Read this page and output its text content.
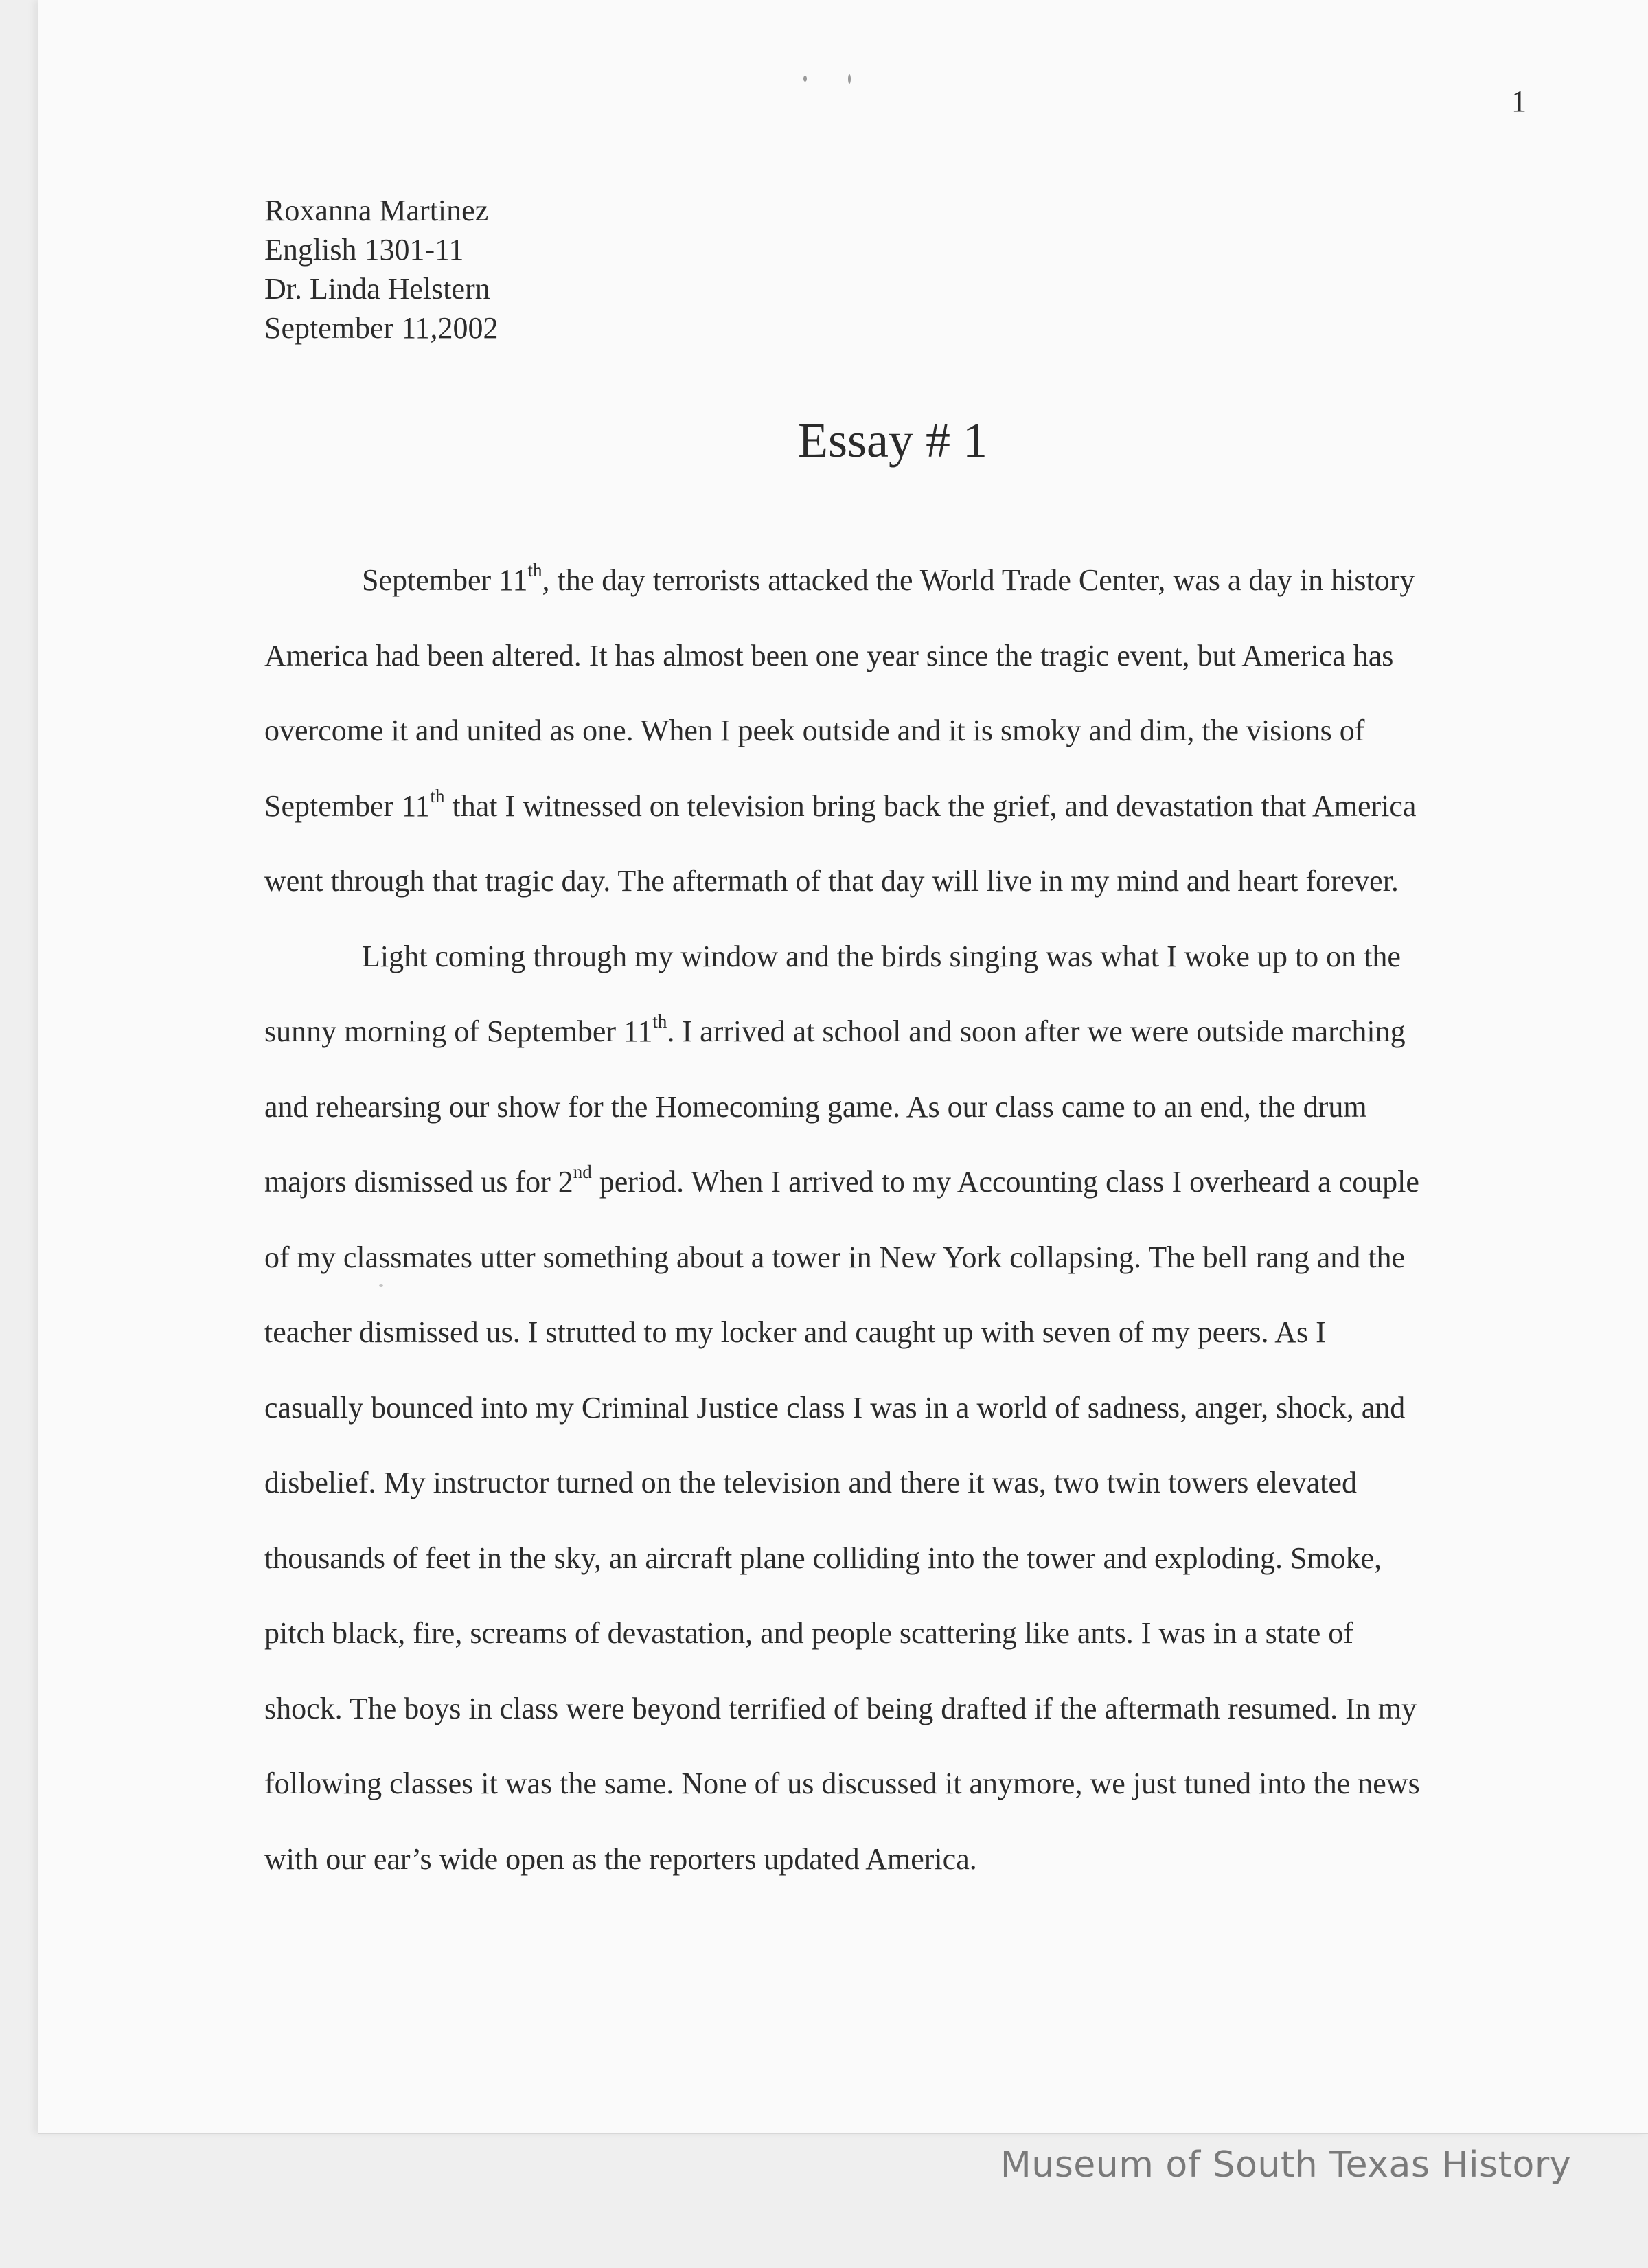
1
Roxanna Martinez
English 1301-11
Dr. Linda Helstern
September 11,2002
Essay # 1
September 11th, the day terrorists attacked the World Trade Center, was a day in history
America had been altered. It has almost been one year since the tragic event, but America has
overcome it and united as one. When I peek outside and it is smoky and dim, the visions of
September 11th that I witnessed on television bring back the grief, and devastation that America
went through that tragic day. The aftermath of that day will live in my mind and heart forever.
Light coming through my window and the birds singing was what I woke up to on the
sunny morning of September 11th. I arrived at school and soon after we were outside marching
and rehearsing our show for the Homecoming game. As our class came to an end, the drum
majors dismissed us for 2nd period. When I arrived to my Accounting class I overheard a couple
of my classmates utter something about a tower in New York collapsing. The bell rang and the
teacher dismissed us. I strutted to my locker and caught up with seven of my peers. As I
casually bounced into my Criminal Justice class I was in a world of sadness, anger, shock, and
disbelief. My instructor turned on the television and there it was, two twin towers elevated
thousands of feet in the sky, an aircraft plane colliding into the tower and exploding. Smoke,
pitch black, fire, screams of devastation, and people scattering like ants. I was in a state of
shock. The boys in class were beyond terrified of being drafted if the aftermath resumed. In my
following classes it was the same. None of us discussed it anymore, we just tuned into the news
with our ear’s wide open as the reporters updated America.
Museum of South Texas History
